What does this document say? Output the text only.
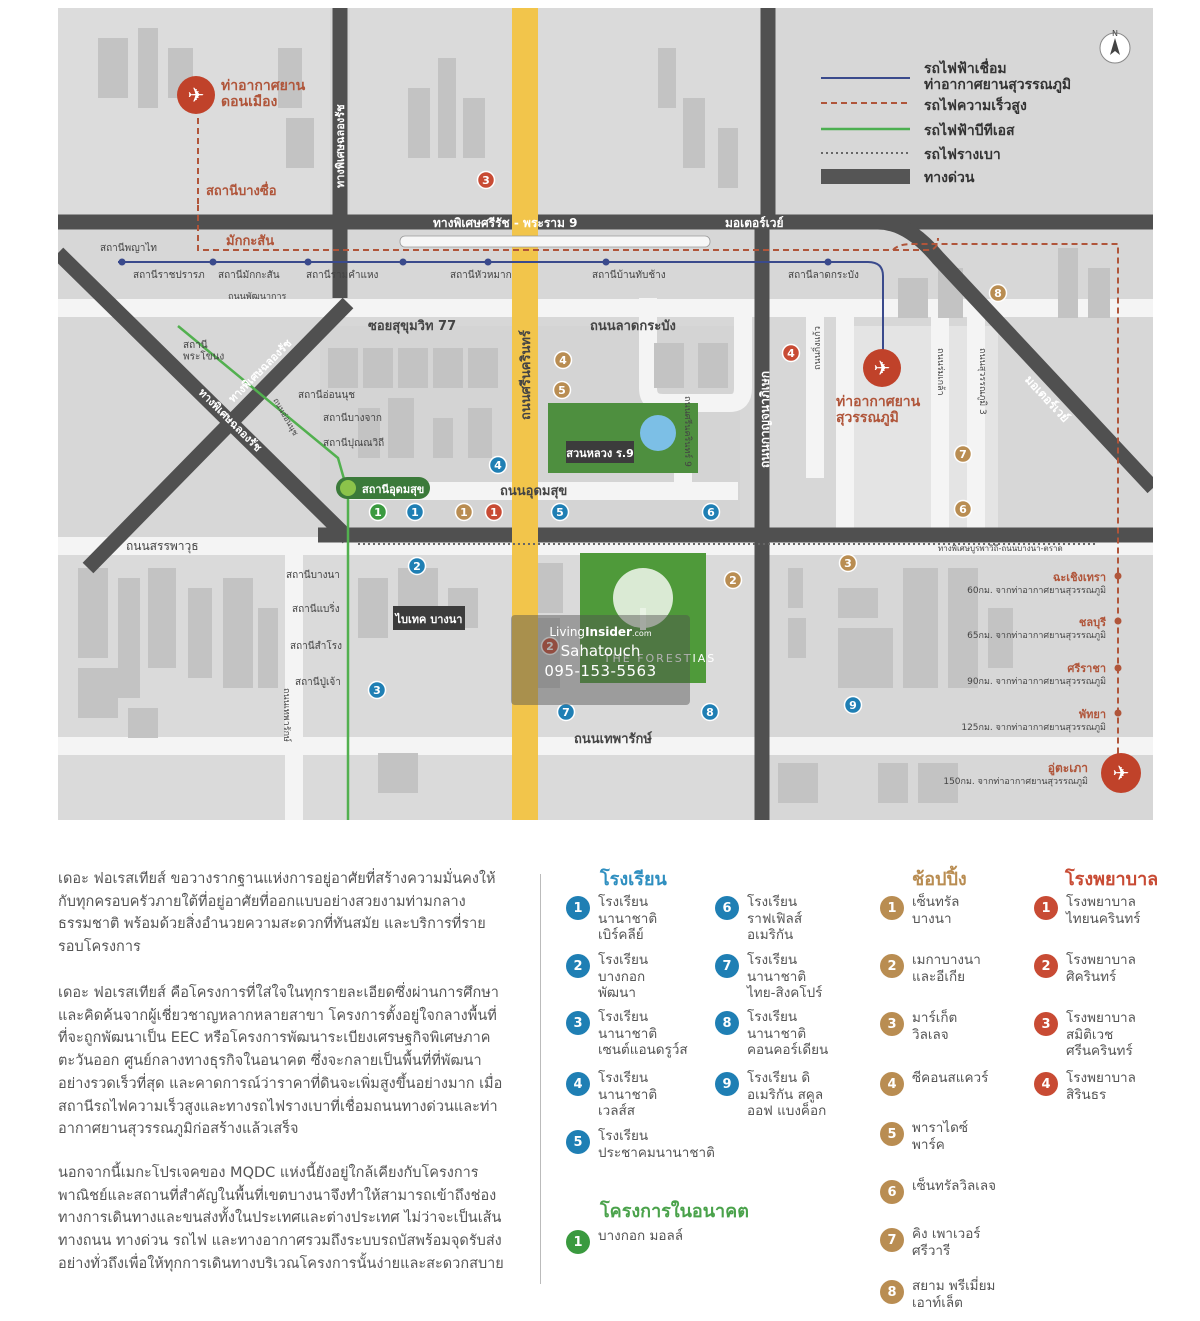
✈
✈
✈
รถไฟฟ้าเชื่อมท่าอากาศยานสุวรรณภูมิ
รถไฟความเร็วสูง
รถไฟฟ้าบีทีเอส
รถไฟรางเบา
ทางด่วน
N
ท่าอากาศยานดอนเมือง
ท่าอากาศยานสุวรรณภูมิ
ทางพิเศษศรีรัช - พระราม 9	มอเตอร์เวย์
มอเตอร์เวย์
ทางพิเศษฉลองรัช
ทางพิเศษฉลองรัช
ทางพิเศษฉลองรัช
ซอยสุขุมวิท 77	ถนนลาดกระบัง
ถนนศรีนครินทร์
ถนนอุดมสุข
ถนนสรรพาวุธ
ถนนเทพารักษ์
ถนนกาญจนาภิเษก
ทางพิเศษบูรพาวิถี-ถนนบางนา-ตราด
ถนนพัฒนาการ
ถนนกิ่งแก้ว	ถนนร่มเกล้า	ถนนสุวรรณภูมิ 3
ถนนศรีนครินทร์ 9
ถนนอ่อนนุช
ถนนเทพารักษ์
สถานีบางซื่อ
มักกะสัน
สถานีพญาไท
สถานีราชปรารภ สถานีมักกะสัน	สถานีรามคำแหง	สถานีหัวหมาก	สถานีบ้านทับช้าง	สถานีลาดกระบัง
สถานีพระโขนง
สถานีอ่อนนุช
สถานีบางจาก
สถานีปุณณวิถี
สถานีบางนา
สถานีแบริ่ง
สถานีสำโรง
สถานีปู่เจ้า
สถานีอุดมสุข
สวนหลวง ร.9
ไบเทค บางนา
THE FORESTIAS
ฉะเชิงเทรา
60กม. จากท่าอากาศยานสุวรรณภูมิ
ชลบุรี
65กม. จากท่าอากาศยานสุวรรณภูมิ
ศรีราชา
90กม. จากท่าอากาศยานสุวรรณภูมิ
พัทยา
125กม. จากท่าอากาศยานสุวรรณภูมิ
อู่ตะเภา
150กม. จากท่าอากาศยานสุวรรณภูมิ
3
4
5
4
1	1	1 1	5	6
2
3
2
7	8
9
2
3
4
7
6
8
LivingInsider.com
Sahatouch
095-153-5563

เดอะ ฟอเรสเทียส์ ขอวางรากฐานแห่งการอยู่อาศัยที่สร้างความมั่นคงให้กับทุกครอบครัวภายใต้ที่อยู่อาศัยที่ออกแบบอย่างสวยงามท่ามกลางธรรมชาติ พร้อมด้วยสิ่งอำนวยความสะดวกที่ทันสมัย และบริการที่รายรอบโครงการ

เดอะ ฟอเรสเทียส์ คือโครงการที่ใส่ใจในทุกรายละเอียดซึ่งผ่านการศึกษาและคิดค้นจากผู้เชี่ยวชาญหลากหลายสาขา โครงการตั้งอยู่ใจกลางพื้นที่ที่จะถูกพัฒนาเป็น EEC หรือโครงการพัฒนาระเบียงเศรษฐกิจพิเศษภาคตะวันออก ศูนย์กลางทางธุรกิจในอนาคต ซึ่งจะกลายเป็นพื้นที่ที่พัฒนาอย่างรวดเร็วที่สุด และคาดการณ์ว่าราคาที่ดินจะเพิ่มสูงขึ้นอย่างมาก เมื่อสถานีรถไฟความเร็วสูงและทางรถไฟรางเบาที่เชื่อมถนนทางด่วนและท่าอากาศยานสุวรรณภูมิก่อสร้างแล้วเสร็จ

นอกจากนี้เมกะโปรเจคของ MQDC แห่งนี้ยังอยู่ใกล้เคียงกับโครงการพาณิชย์และสถานที่สำคัญในพื้นที่เขตบางนาจึงทำให้สามารถเข้าถึงช่องทางการเดินทางและขนส่งทั้งในประเทศและต่างประเทศ ไม่ว่าจะเป็นเส้นทางถนน ทางด่วน รถไฟ และทางอากาศรวมถึงระบบรถบัสพร้อมจุดรับส่งอย่างทั่วถึงเพื่อให้ทุกการเดินทางบริเวณโครงการนั้นง่ายและสะดวกสบาย

โรงเรียน	ช้อปปิ้ง	โรงพยาบาล
โครงการในอนาคต
1	โรงเรียน
นานาชาติ
เบิร์คลีย์
2	โรงเรียน
บางกอก
พัฒนา
3	โรงเรียน
นานาชาติ
เซนต์แอนดรูว์ส
4	โรงเรียน
นานาชาติ
เวลส์ส
5	โรงเรียน
ประชาคมนานาชาติ
6	โรงเรียน
ราฟเฟิลส์
อเมริกัน
7	โรงเรียน
นานาชาติ
ไทย-สิงคโปร์
8	โรงเรียน
นานาชาติ
คอนคอร์เดียน
9	โรงเรียน ดิ
อเมริกัน สคูล
ออฟ แบงค็อก
1	เซ็นทรัล
บางนา
2	เมกาบางนา
และอีเกีย
3	มาร์เก็ต
วิลเลจ
4	ซีคอนสแควร์
5	พาราไดซ์
พาร์ค
6	เซ็นทรัลวิลเลจ
7	คิง เพาเวอร์
ศรีวารี
8	สยาม พรีเมี่ยม
เอาท์เล็ต
1	โรงพยาบาล
ไทยนครินทร์
2	โรงพยาบาล
ศิครินทร์
3	โรงพยาบาล
สมิติเวช
ศรีนครินทร์
4	โรงพยาบาล
สิรินธร
1	บางกอก มอลล์
